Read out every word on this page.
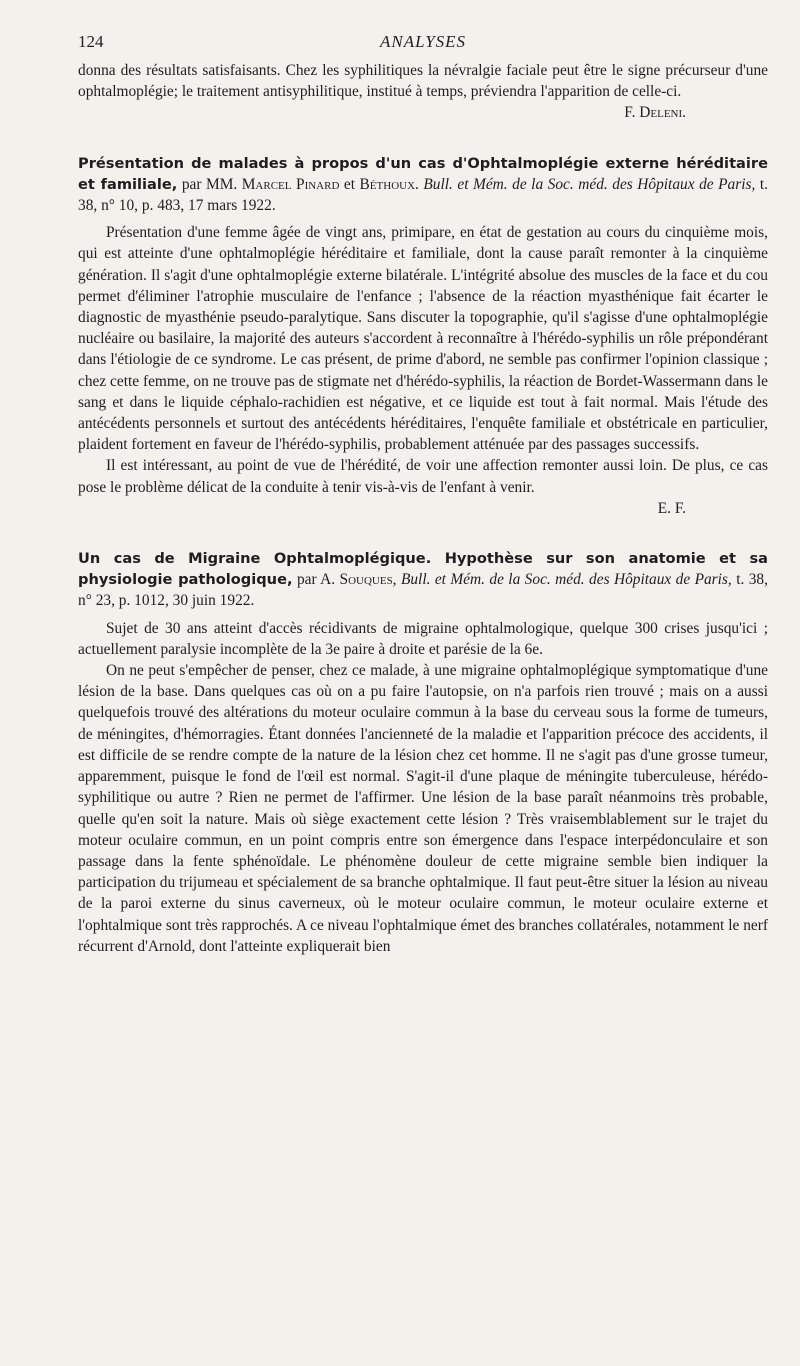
124	ANALYSES

donna des résultats satisfaisants. Chez les syphilitiques la névralgie faciale peut être le signe précurseur d'une ophtalmoplégie; le traitement antisyphilitique, institué à temps, préviendra l'apparition de celle-ci.
F. Deleni.

Présentation de malades à propos d'un cas d'Ophtalmoplégie externe héréditaire et familiale, par MM. Marcel Pinard et Béthoux. Bull. et Mém. de la Soc. méd. des Hôpitaux de Paris, t. 38, n° 10, p. 483, 17 mars 1922.

Présentation d'une femme âgée de vingt ans, primipare, en état de gestation au cours du cinquième mois, qui est atteinte d'une ophtalmoplégie héréditaire et familiale, dont la cause paraît remonter à la cinquième génération. Il s'agit d'une ophtalmoplégie externe bilatérale. L'intégrité absolue des muscles de la face et du cou permet d'éliminer l'atrophie musculaire de l'enfance ; l'absence de la réaction myasthénique fait écarter le diagnostic de myasthénie pseudo-paralytique. Sans discuter la topographie, qu'il s'agisse d'une ophtalmoplégie nucléaire ou basilaire, la majorité des auteurs s'accordent à reconnaître à l'hérédo-syphilis un rôle prépondérant dans l'étiologie de ce syndrome. Le cas présent, de prime d'abord, ne semble pas confirmer l'opinion classique ; chez cette femme, on ne trouve pas de stigmate net d'hérédo-syphilis, la réaction de Bordet-Wassermann dans le sang et dans le liquide céphalo-rachidien est négative, et ce liquide est tout à fait normal. Mais l'étude des antécédents personnels et surtout des antécédents héréditaires, l'enquête familiale et obstétricale en particulier, plaident fortement en faveur de l'hérédo-syphilis, probablement atténuée par des passages successifs.

Il est intéressant, au point de vue de l'hérédité, de voir une affection remonter aussi loin. De plus, ce cas pose le problème délicat de la conduite à tenir vis-à-vis de l'enfant à venir.
E. F.

Un cas de Migraine Ophtalmoplégique. Hypothèse sur son anatomie et sa physiologie pathologique, par A. Souques, Bull. et Mém. de la Soc. méd. des Hôpitaux de Paris, t. 38, n° 23, p. 1012, 30 juin 1922.

Sujet de 30 ans atteint d'accès récidivants de migraine ophtalmologique, quelque 300 crises jusqu'ici ; actuellement paralysie incomplète de la 3e paire à droite et parésie de la 6e.

On ne peut s'empêcher de penser, chez ce malade, à une migraine ophtalmoplégique symptomatique d'une lésion de la base. Dans quelques cas où on a pu faire l'autopsie, on n'a parfois rien trouvé ; mais on a aussi quelquefois trouvé des altérations du moteur oculaire commun à la base du cerveau sous la forme de tumeurs, de méningites, d'hémorragies. Étant données l'ancienneté de la maladie et l'apparition précoce des accidents, il est difficile de se rendre compte de la nature de la lésion chez cet homme. Il ne s'agit pas d'une grosse tumeur, apparemment, puisque le fond de l'œil est normal. S'agit-il d'une plaque de méningite tuberculeuse, hérédo-syphilitique ou autre ? Rien ne permet de l'affirmer. Une lésion de la base paraît néanmoins très probable, quelle qu'en soit la nature. Mais où siège exactement cette lésion ? Très vraisemblablement sur le trajet du moteur oculaire commun, en un point compris entre son émergence dans l'espace interpédonculaire et son passage dans la fente sphénoïdale. Le phénomène douleur de cette migraine semble bien indiquer la participation du trijumeau et spécialement de sa branche ophtalmique. Il faut peut-être situer la lésion au niveau de la paroi externe du sinus caverneux, où le moteur oculaire commun, le moteur oculaire externe et l'ophtalmique sont très rapprochés. A ce niveau l'ophtalmique émet des branches collatérales, notamment le nerf récurrent d'Arnold, dont l'atteinte expliquerait bien
